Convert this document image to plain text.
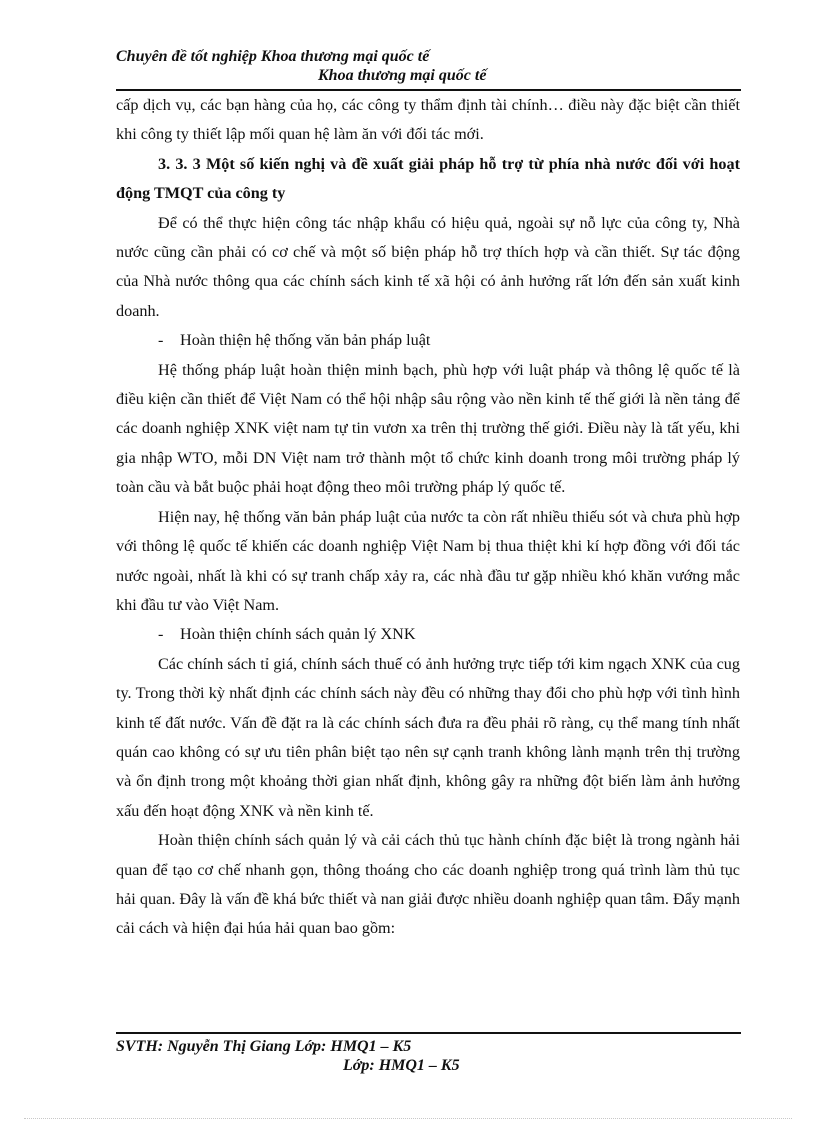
Chuyên đề tốt nghiệp Khoa thương mại quốc tế
Khoa thương mại quốc tế

cấp dịch vụ, các bạn hàng của họ, các công ty thẩm định tài chính… điều này đặc biệt cần thiết khi công ty thiết lập mối quan hệ làm ăn với đối tác mới.

3. 3. 3 Một số kiến nghị và đề xuất giải pháp hỗ trợ từ phía nhà nước đối với hoạt động TMQT của công ty

Để có thể thực hiện công tác nhập khẩu có hiệu quả, ngoài sự nỗ lực của công ty, Nhà nước cũng cần phải có cơ chế và một số biện pháp hỗ trợ thích hợp và cần thiết. Sự tác động của Nhà nước thông qua các chính sách kinh tế xã hội có ảnh hưởng rất lớn đến sản xuất kinh doanh.

- Hoàn thiện hệ thống văn bản pháp luật

Hệ thống pháp luật hoàn thiện minh bạch, phù hợp với luật pháp và thông lệ quốc tế là điều kiện cần thiết để Việt Nam có thể hội nhập sâu rộng vào nền kinh tế thế giới là nền tảng để các doanh nghiệp XNK việt nam tự tin vươn xa trên thị trường thế giới. Điều này là tất yếu, khi gia nhập WTO, mỗi DN Việt nam trở thành một tổ chức kinh doanh trong môi trường pháp lý toàn cầu và bắt buộc phải hoạt động theo môi trường pháp lý quốc tế.

Hiện nay, hệ thống văn bản pháp luật của nước ta còn rất nhiều thiếu sót và chưa phù hợp với thông lệ quốc tế khiến các doanh nghiệp Việt Nam bị thua thiệt khi kí hợp đồng với đối tác nước ngoài, nhất là khi có sự tranh chấp xảy ra, các nhà đầu tư gặp nhiều khó khăn vướng mắc khi đầu tư vào Việt Nam.

- Hoàn thiện chính sách quản lý XNK

Các chính sách tỉ giá, chính sách thuế có ảnh hưởng trực tiếp tới kim ngạch XNK của cug ty. Trong thời kỳ nhất định các chính sách này đều có những thay đổi cho phù hợp với tình hình kinh tế đất nước. Vấn đề đặt ra là các chính sách đưa ra đều phải rõ ràng, cụ thể mang tính nhất quán cao không có sự ưu tiên phân biệt tạo nên sự cạnh tranh không lành mạnh trên thị trường và ổn định trong một khoảng thời gian nhất định, không gây ra những đột biến làm ảnh hưởng xấu đến hoạt động XNK và nền kinh tế.

Hoàn thiện chính sách quản lý và cải cách thủ tục hành chính đặc biệt là trong ngành hải quan để tạo cơ chế nhanh gọn, thông thoáng cho các doanh nghiệp trong quá trình làm thủ tục hải quan. Đây là vấn đề khá bức thiết và nan giải được nhiều doanh nghiệp quan tâm. Đẩy mạnh cải cách và hiện đại húa hải quan bao gồm:

SVTH: Nguyễn Thị Giang Lớp: HMQ1 – K5
Lớp: HMQ1 – K5
